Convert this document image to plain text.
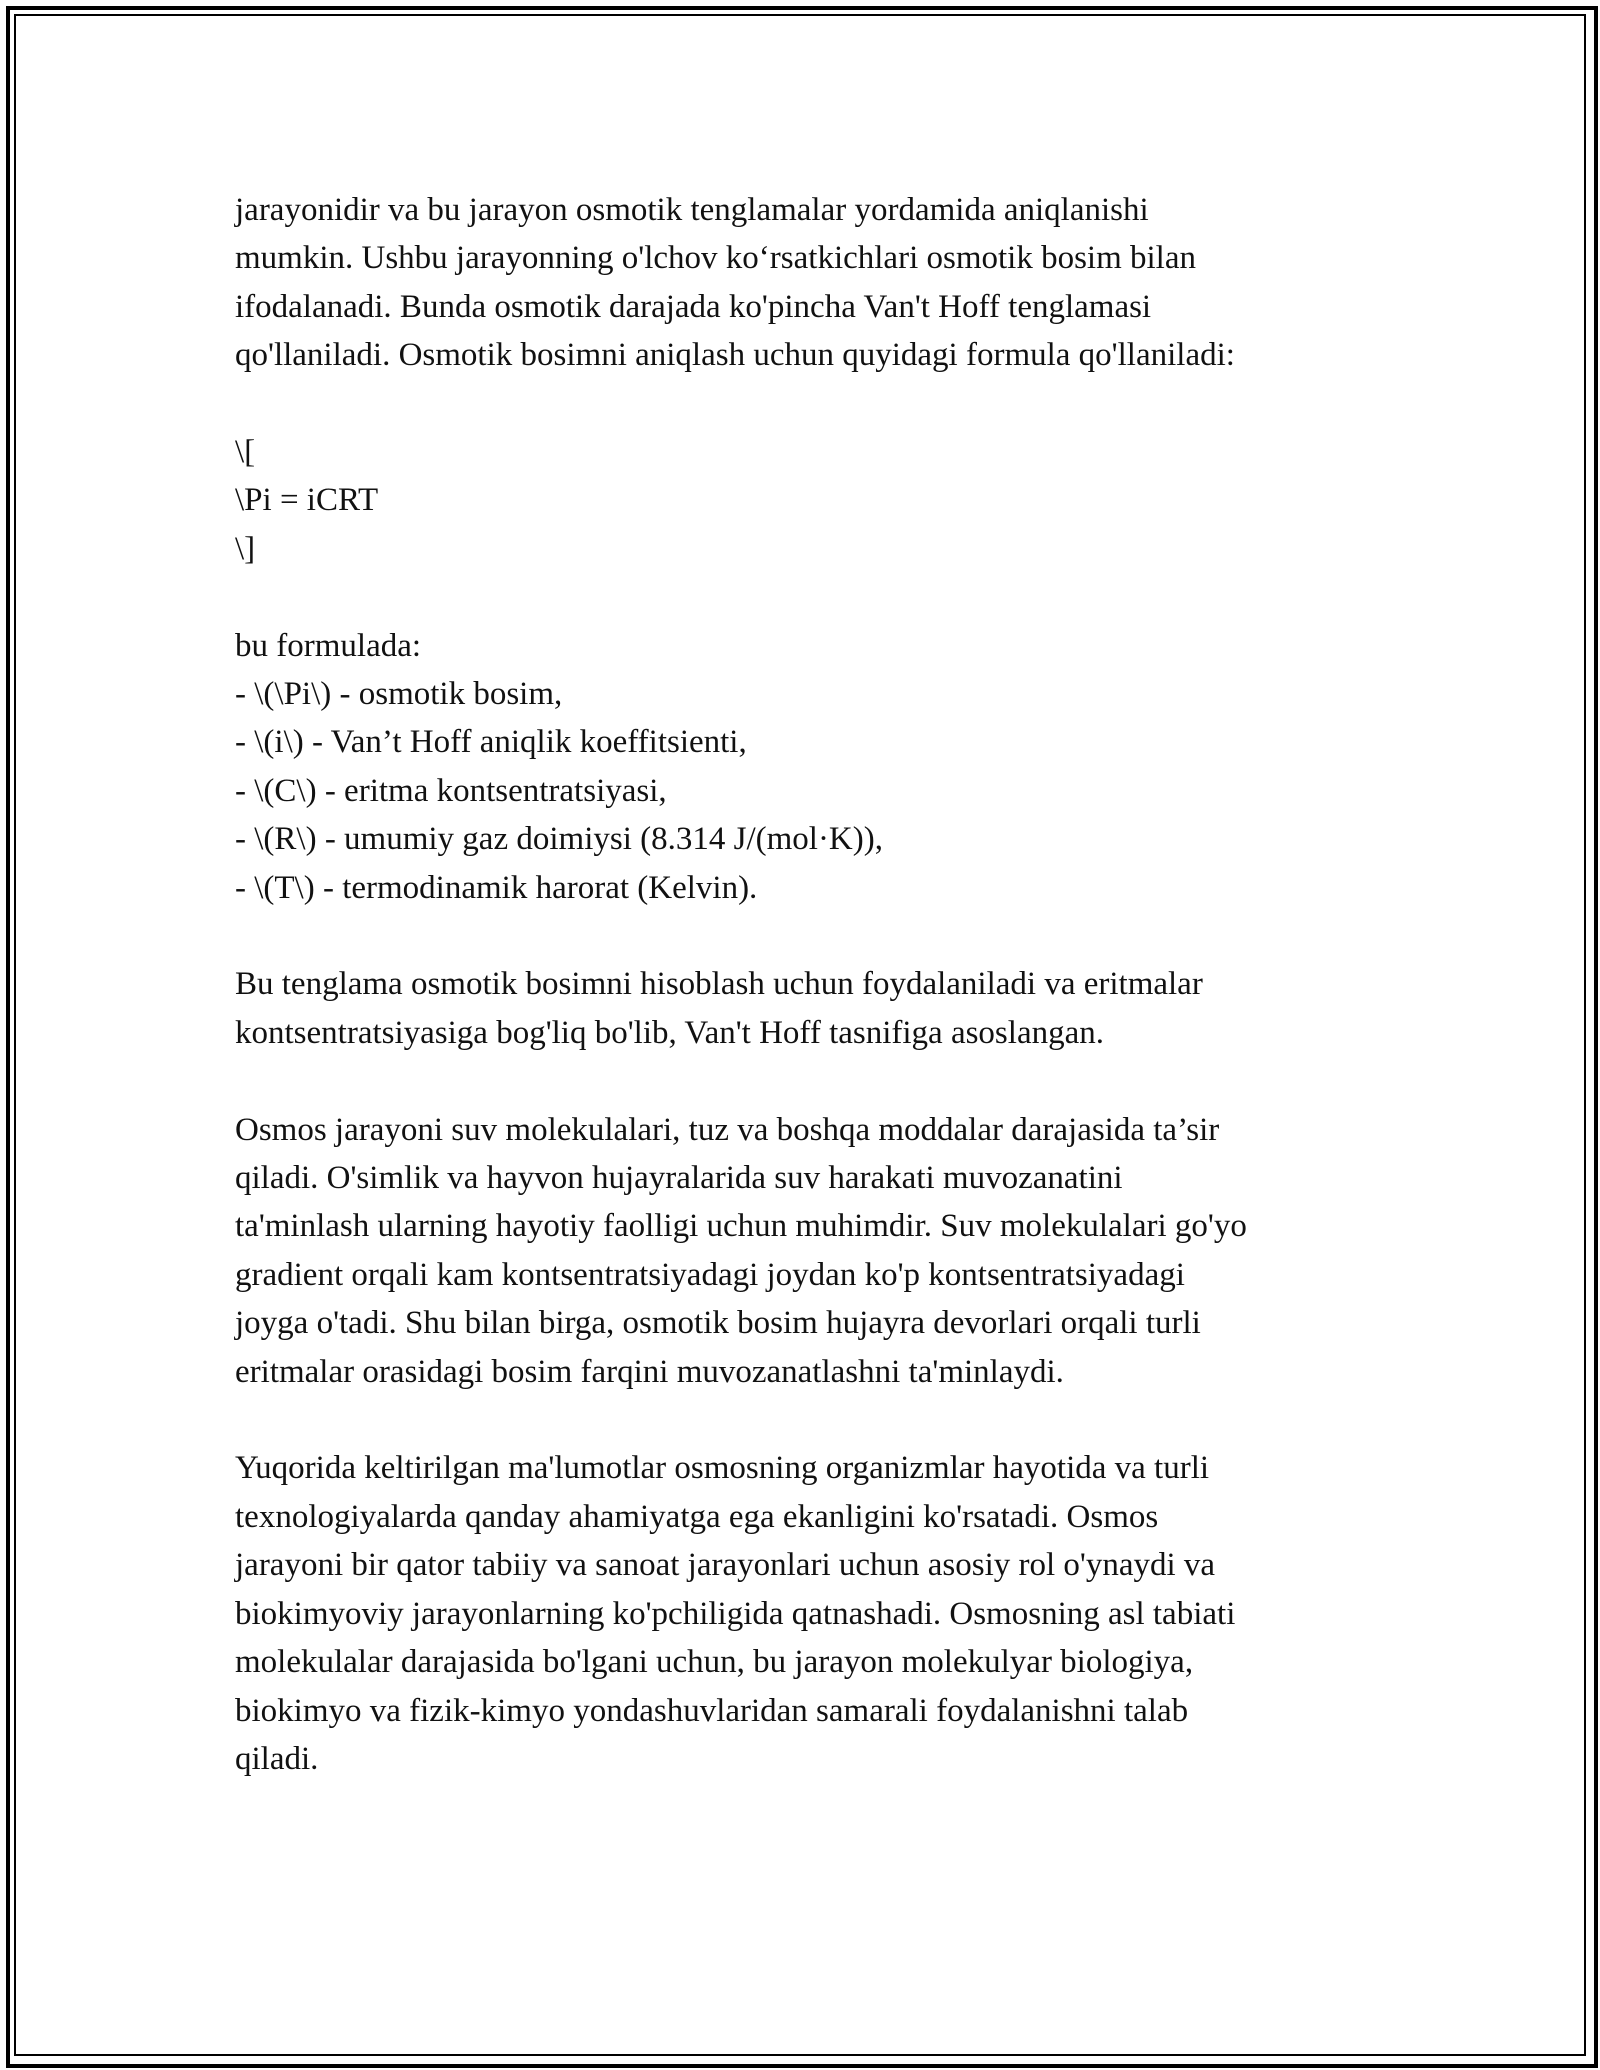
jarayonidir va bu jarayon osmotik tenglamalar yordamida aniqlanishi
mumkin. Ushbu jarayonning o'lchov koʻrsatkichlari osmotik bosim bilan
ifodalanadi. Bunda osmotik darajada ko'pincha Van't Hoff tenglamasi
qo'llaniladi. Osmotik bosimni aniqlash uchun quyidagi formula qo'llaniladi:

\[
\Pi = iCRT
\]

bu formulada:
- \(\Pi\) - osmotik bosim,
- \(i\) - Van’t Hoff aniqlik koeffitsienti,
- \(C\) - eritma kontsentratsiyasi,
- \(R\) - umumiy gaz doimiysi (8.314 J/(mol·K)),
- \(T\) - termodinamik harorat (Kelvin).

Bu tenglama osmotik bosimni hisoblash uchun foydalaniladi va eritmalar
kontsentratsiyasiga bog'liq bo'lib, Van't Hoff tasnifiga asoslangan.

Osmos jarayoni suv molekulalari, tuz va boshqa moddalar darajasida ta’sir
qiladi. O'simlik va hayvon hujayralarida suv harakati muvozanatini
ta'minlash ularning hayotiy faolligi uchun muhimdir. Suv molekulalari go'yo
gradient orqali kam kontsentratsiyadagi joydan ko'p kontsentratsiyadagi
joyga o'tadi. Shu bilan birga, osmotik bosim hujayra devorlari orqali turli
eritmalar orasidagi bosim farqini muvozanatlashni ta'minlaydi.

Yuqorida keltirilgan ma'lumotlar osmosning organizmlar hayotida va turli
texnologiyalarda qanday ahamiyatga ega ekanligini ko'rsatadi. Osmos
jarayoni bir qator tabiiy va sanoat jarayonlari uchun asosiy rol o'ynaydi va
biokimyoviy jarayonlarning ko'pchiligida qatnashadi. Osmosning asl tabiati
molekulalar darajasida bo'lgani uchun, bu jarayon molekulyar biologiya,
biokimyo va fizik-kimyo yondashuvlaridan samarali foydalanishni talab
qiladi.
